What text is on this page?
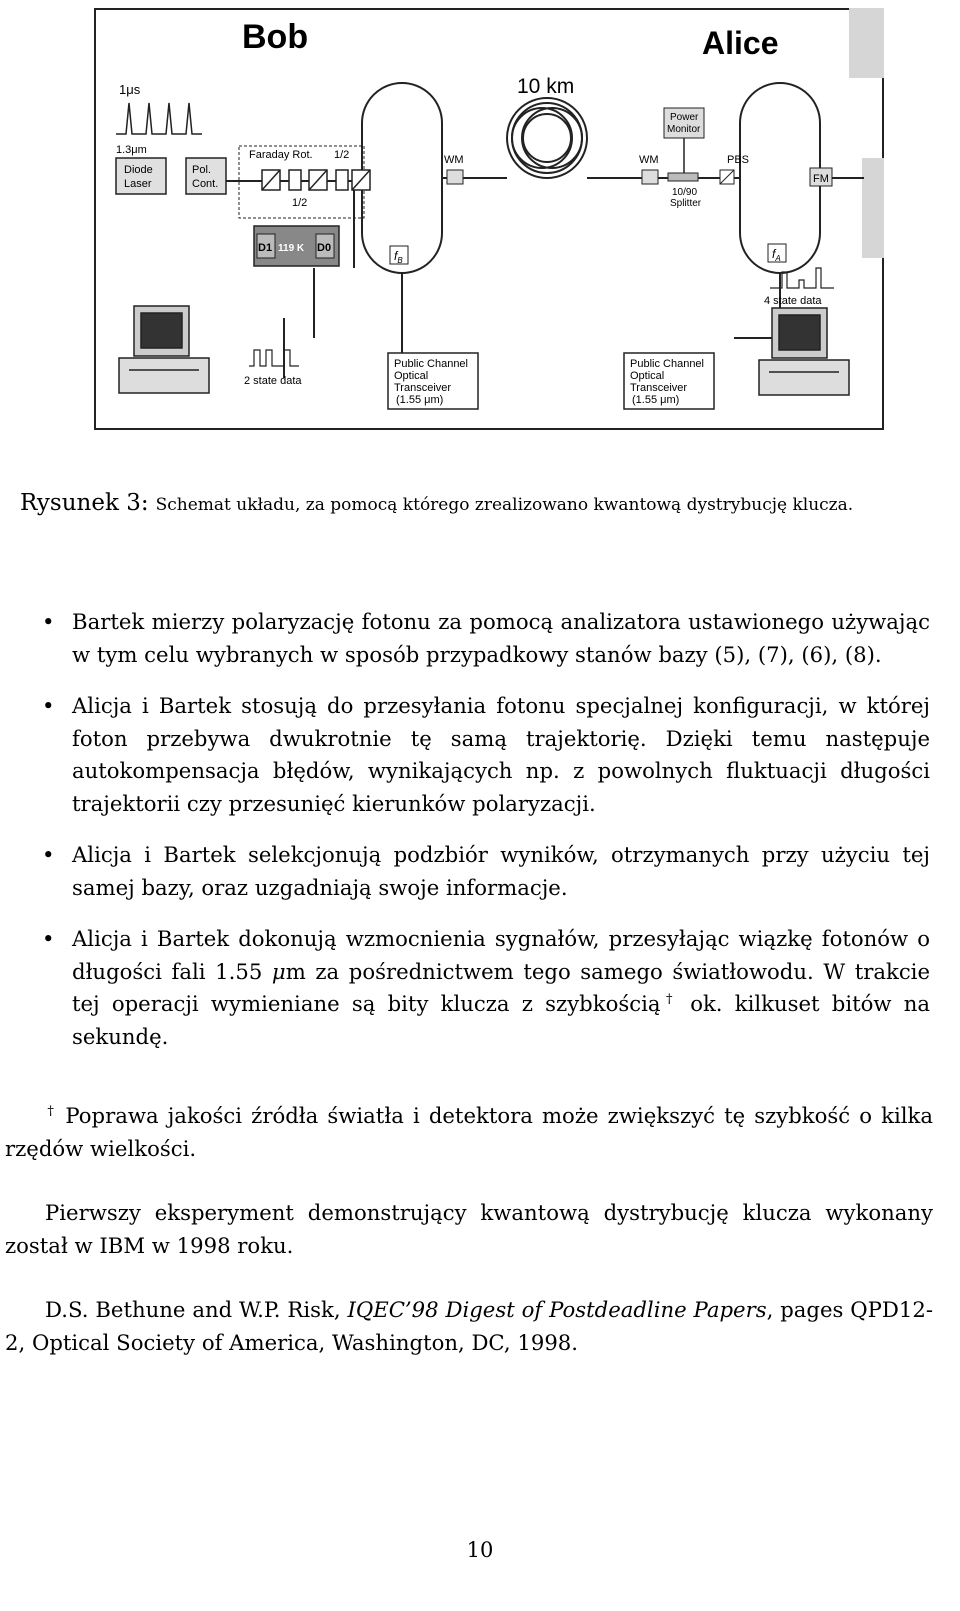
Bob	Alice
10 km
1μs
1.3μm
Diode
Laser
Pol.
Cont.
Faraday Rot. 1/2
1/2
D1 119 K D0
WM	WM
$f_B$	$f_A$
Power
Monitor
10/90
Splitter
PBS
FM
4 state data
2 state data
Public Channel
Optical
Transceiver
(1.55 μm)
Public Channel
Optical
Transceiver
(1.55 μm)
Rysunek 3: Schemat układu, za pomocą którego zrealizowano kwantową dystrybucję klucza.
• Bartek mierzy polaryzację fotonu za pomocą analizatora ustawionego używając w tym celu wybranych w sposób przypadkowy stanów bazy (5), (7), (6), (8).
• Alicja i Bartek stosują do przesyłania fotonu specjalnej konfiguracji, w której foton przebywa dwukrotnie tę samą trajektorię. Dzięki temu następuje autokompensacja błędów, wynikających np. z powolnych fluktuacji długości trajektorii czy przesunięć kierunków polaryzacji.
• Alicja i Bartek selekcjonują podzbiór wyników, otrzymanych przy użyciu tej samej bazy, oraz uzgadniają swoje informacje.
• Alicja i Bartek dokonują wzmocnienia sygnałów, przesyłając wiązkę fotonów o długości fali 1.55 μm za pośrednictwem tego samego światłowodu. W trakcie tej operacji wymieniane są bity klucza z szybkością† ok. kilkuset bitów na sekundę.
† Poprawa jakości źródła światła i detektora może zwiększyć tę szybkość o kilka rzędów wielkości.
Pierwszy eksperyment demonstrujący kwantową dystrybucję klucza wykonany został w IBM w 1998 roku.
D.S. Bethune and W.P. Risk, IQEC’98 Digest of Postdeadline Papers, pages QPD12-2, Optical Society of America, Washington, DC, 1998.
10
